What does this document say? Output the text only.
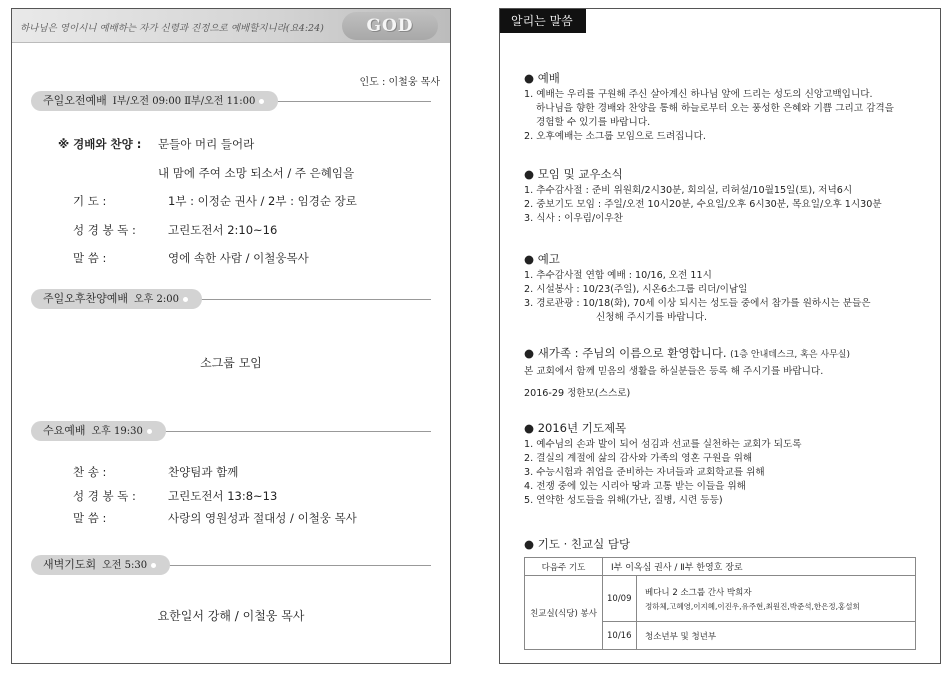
하나님은 영이시니 예배하는 자가 신령과 진정으로 예배할지니라(요4:24)	GOD
인도 : 이철웅 목사
주일오전예배 Ⅰ부/오전 09:00 Ⅱ부/오전 11:00
※ 경배와 찬양 : 문들아 머리 들어라
내 맘에 주여 소망 되소서 / 주 은혜임을
기 도 :	1부 : 이정순 권사 / 2부 : 임경순 장로
성 경 봉 독 :	고린도전서 2:10~16
말 씀 :	영에 속한 사람 / 이철웅목사
주일오후찬양예배 오후 2:00
소그룹 모임
수요예배 오후 19:30
찬 송 :	찬양팀과 함께
성 경 봉 독 :	고린도전서 13:8~13
말 씀 :	사랑의 영원성과 절대성 / 이철웅 목사
새벽기도회 오전 5:30
요한일서 강해 / 이철웅 목사
알리는 말씀
● 예배
1. 예배는 우리를 구원해 주신 살아계신 하나님 앞에 드리는 성도의 신앙고백입니다.
하나님을 향한 경배와 찬양을 통해 하늘로부터 오는 풍성한 은혜와 기쁨 그리고 감격을
경험할 수 있기를 바랍니다.
2. 오후예배는 소그룹 모임으로 드려집니다.
● 모임 및 교우소식
1. 추수감사절 : 준비 위원회/2시30분, 회의실, 리허설/10월15일(토), 저녁6시
2. 중보기도 모임 : 주일/오전 10시20분, 수요일/오후 6시30분, 목요일/오후 1시30분
3. 식사 : 이우림/이우찬
● 예고
1. 추수감사절 연합 예배 : 10/16, 오전 11시
2. 시설봉사 : 10/23(주일), 시온6소그룹 리더/이남일
3. 경로관광 : 10/18(화), 70세 이상 되시는 성도들 중에서 참가를 원하시는 분들은
신청해 주시기를 바랍니다.
● 새가족 : 주님의 이름으로 환영합니다. (1층 안내데스크, 혹은 사무실)
본 교회에서 함께 믿음의 생활을 하실분들은 등록 해 주시기를 바랍니다.
2016-29 정한모(스스로)
● 2016년 기도제목
1. 예수님의 손과 발이 되어 섬김과 선교를 실천하는 교회가 되도록
2. 결실의 계절에 삶의 감사와 가족의 영혼 구원을 위해
3. 수능시험과 취업을 준비하는 자녀들과 교회학교를 위해
4. 전쟁 중에 있는 시리아 땅과 고통 받는 이들을 위해
5. 연약한 성도들을 위해(가난, 질병, 시련 등등)
● 기도 · 친교실 담당
다음주 기도	Ⅰ부 이옥심 권사 / Ⅱ부 한영호 장로	
친교실(식당) 봉사	10/09	베다니 2 소그룹 간사 박희자
정하체,고혜영,이지혜,이진우,유주현,최원진,박준석,한은정,홍설희

	10/16	청소년부 및 청년부
